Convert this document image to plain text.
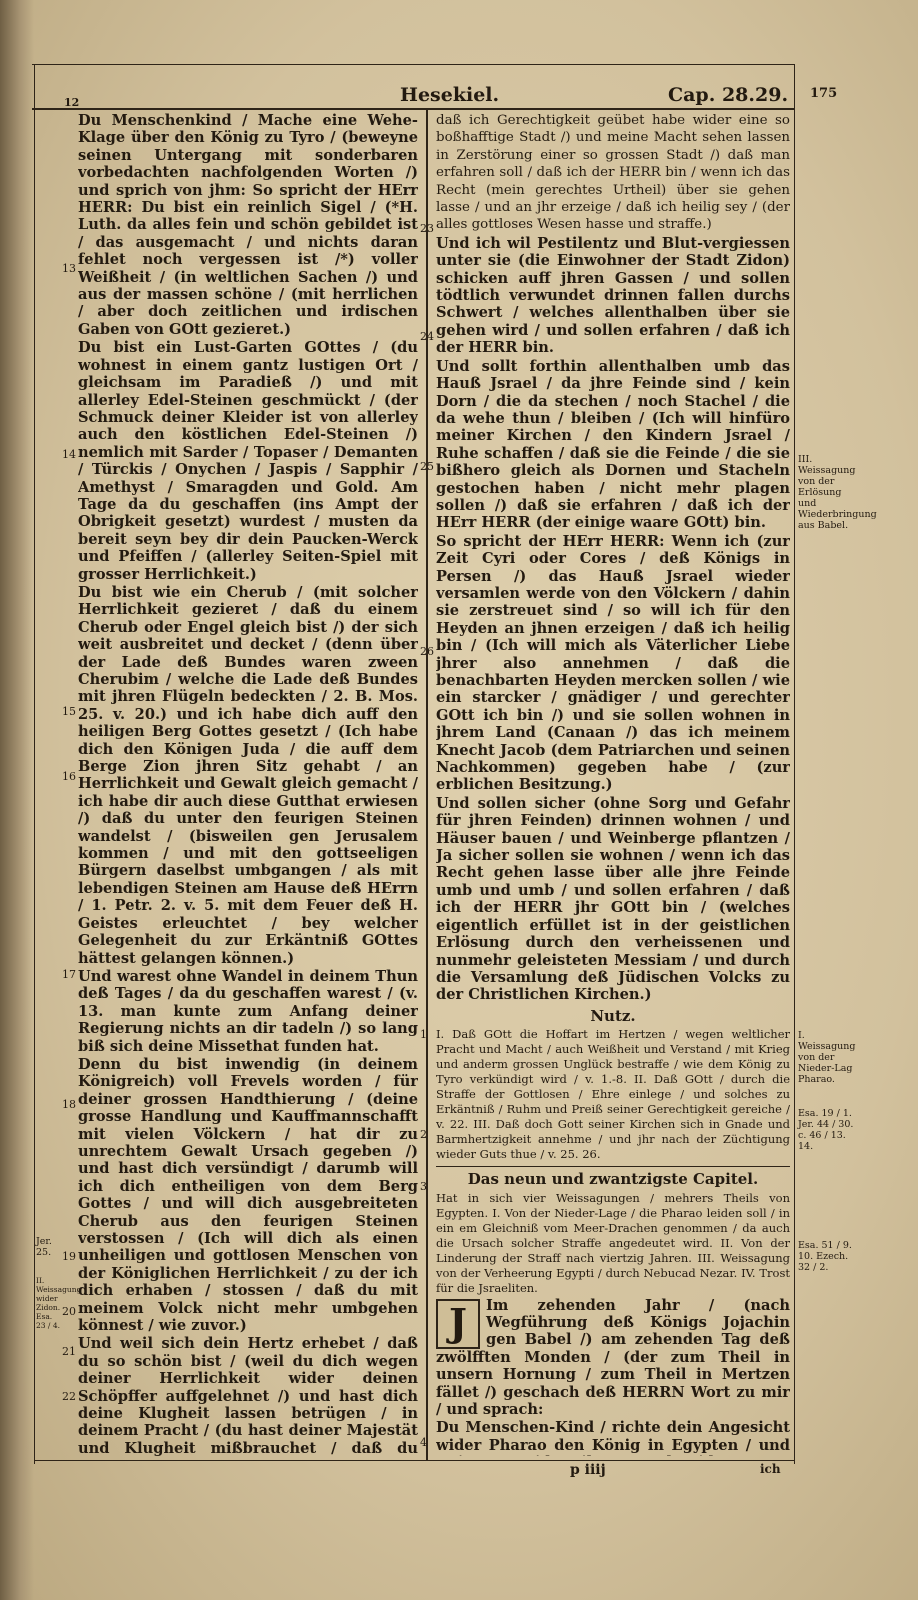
12	Hesekiel.	Cap. 28.29. 175

Du Menschenkind / Mache eine Wehe-Klage über den König zu Tyro / (beweyne seinen Untergang mit sonderbaren vorbedachten nachfolgenden Worten /) und sprich von jhm: So spricht der HErr HERR: Du bist ein reinlich Sigel / (*H. Luth. da alles fein und schön gebildet ist / das ausgemacht / und nichts daran fehlet noch vergessen ist /*) voller Weißheit / (in weltlichen Sachen /) und aus der massen schöne / (mit herrlichen / aber doch zeitlichen und irdischen Gaben von GOtt gezieret.)

Du bist ein Lust-Garten GOttes / (du wohnest in einem gantz lustigen Ort / gleichsam im Paradieß /) und mit allerley Edel-Steinen geschmückt / (der Schmuck deiner Kleider ist von allerley auch den köstlichen Edel-Steinen /) nemlich mit Sarder / Topaser / Demanten / Türckis / Onychen / Jaspis / Sapphir / Amethyst / Smaragden und Gold. Am Tage da du geschaffen (ins Ampt der Obrigkeit gesetzt) wurdest / musten da bereit seyn bey dir dein Paucken-Werck und Pfeiffen / (allerley Seiten-Spiel mit grosser Herrlichkeit.)

Du bist wie ein Cherub / (mit solcher Herrlichkeit gezieret / daß du einem Cherub oder Engel gleich bist /) der sich weit ausbreitet und decket / (denn über der Lade deß Bundes waren zween Cherubim / welche die Lade deß Bundes mit jhren Flügeln bedeckten / 2. B. Mos. 25. v. 20.) und ich habe dich auff den heiligen Berg Gottes gesetzt / (Ich habe dich den Königen Juda / die auff dem Berge Zion jhren Sitz gehabt / an Herrlichkeit und Gewalt gleich gemacht / ich habe dir auch diese Gutthat erwiesen /) daß du unter den feurigen Steinen wandelst / (bisweilen gen Jerusalem kommen / und mit den gottseeligen Bürgern daselbst umbgangen / als mit lebendigen Steinen am Hause deß HErrn / 1. Petr. 2. v. 5. mit dem Feuer deß H. Geistes erleuchtet / bey welcher Gelegenheit du zur Erkäntniß GOttes hättest gelangen können.)

Und warest ohne Wandel in deinem Thun deß Tages / da du geschaffen warest / (v. 13. man kunte zum Anfang deiner Regierung nichts an dir tadeln /) so lang biß sich deine Missethat funden hat.

Denn du bist inwendig (in deinem Königreich) voll Frevels worden / für deiner grossen Handthierung / (deine grosse Handlung und Kauffmannschafft mit vielen Völckern / hat dir zu unrechtem Gewalt Ursach gegeben /) und hast dich versündigt / darumb will ich dich entheiligen von dem Berg Gottes / und will dich ausgebreiteten Cherub aus den feurigen Steinen verstossen / (Ich will dich als einen unheiligen und gottlosen Menschen von der Königlichen Herrlichkeit / zu der ich dich erhaben / stossen / daß du mit meinem Volck nicht mehr umbgehen könnest / wie zuvor.)

Und weil sich dein Hertz erhebet / daß du so schön bist / (weil du dich wegen deiner Herrlichkeit wider deinen Schöpffer auffgelehnet /) und hast dich deine Klugheit lassen betrügen / in deinem Pracht / (du hast deiner Majestät und Klugheit mißbrauchet / daß du

13
14
15
16
17
18
19
20
21
22
Jer. 25.
II. Weissagung wider Zidon. Esa. 23 / 4.

daß ich Gerechtigkeit geübet habe wider eine so boßhafftige Stadt /) und meine Macht sehen lassen in Zerstörung einer so grossen Stadt /) daß man erfahren soll / daß ich der HERR bin / wenn ich das Recht (mein gerechtes Urtheil) über sie gehen lasse / und an jhr erzeige / daß ich heilig sey / (der alles gottloses Wesen hasse und straffe.)

Und ich wil Pestilentz und Blut-vergiessen unter sie (die Einwohner der Stadt Zidon) schicken auff jhren Gassen / und sollen tödtlich verwundet drinnen fallen durchs Schwert / welches allenthalben über sie gehen wird / und sollen erfahren / daß ich der HERR bin.

Und sollt forthin allenthalben umb das Hauß Jsrael / da jhre Feinde sind / kein Dorn / die da stechen / noch Stachel / die da wehe thun / bleiben / (Ich will hinfüro meiner Kirchen / den Kindern Jsrael / Ruhe schaffen / daß sie die Feinde / die sie bißhero gleich als Dornen und Stacheln gestochen haben / nicht mehr plagen sollen /) daß sie erfahren / daß ich der HErr HERR (der einige waare GOtt) bin.

So spricht der HErr HERR: Wenn ich (zur Zeit Cyri oder Cores / deß Königs in Persen /) das Hauß Jsrael wieder versamlen werde von den Völckern / dahin sie zerstreuet sind / so will ich für den Heyden an jhnen erzeigen / daß ich heilig bin / (Ich will mich als Väterlicher Liebe jhrer also annehmen / daß die benachbarten Heyden mercken sollen / wie ein starcker / gnädiger / und gerechter GOtt ich bin /) und sie sollen wohnen in jhrem Land (Canaan /) das ich meinem Knecht Jacob (dem Patriarchen und seinen Nachkommen) gegeben habe / (zur erblichen Besitzung.)

Und sollen sicher (ohne Sorg und Gefahr für jhren Feinden) drinnen wohnen / und Häuser bauen / und Weinberge pflantzen / Ja sicher sollen sie wohnen / wenn ich das Recht gehen lasse über alle jhre Feinde umb und umb / und sollen erfahren / daß ich der HERR jhr GOtt bin / (welches eigentlich erfüllet ist in der geistlichen Erlösung durch den verheissenen und nunmehr geleisteten Messiam / und durch die Versamlung deß Jüdischen Volcks zu der Christlichen Kirchen.)

Nutz.

I. Daß GOtt die Hoffart im Hertzen / wegen weltlicher Pracht und Macht / auch Weißheit und Verstand / mit Krieg und anderm grossen Unglück bestraffe / wie dem König zu Tyro verkündigt wird / v. 1.-8. II. Daß GOtt / durch die Straffe der Gottlosen / Ehre einlege / und solches zu Erkäntniß / Ruhm und Preiß seiner Gerechtigkeit gereiche / v. 22. III. Daß doch Gott seiner Kirchen sich in Gnade und Barmhertzigkeit annehme / und jhr nach der Züchtigung wieder Guts thue / v. 25. 26.

Das neun und zwantzigste Capitel.

Hat in sich vier Weissagungen / mehrers Theils von Egypten. I. Von der Nieder-Lage / die Pharao leiden soll / in ein em Gleichniß vom Meer-Drachen genommen / da auch die Ursach solcher Straffe angedeutet wird. II. Von der Linderung der Straff nach viertzig Jahren. III. Weissagung von der Verheerung Egypti / durch Nebucad Nezar. IV. Trost für die Jsraeliten.

J	Im zehenden Jahr / (nach Wegführung deß Königs Jojachin gen Babel /) am zehenden Tag deß zwölfften Monden / (der zum Theil in unsern Hornung / zum Theil in Mertzen fället /) geschach deß HERRN Wort zu mir / und sprach:

Du Menschen-Kind / richte dein Angesicht wider Pharao den König in Egypten / und

23
24
25
26
1
2
3
4
III. Weissagung von der Erlösung und Wiederbringung aus Babel.
I. Weissagung von der Nieder-Lag Pharao.
Esa. 19 / 1. Jer. 44 / 30. c. 46 / 13. 14.
Esa. 51 / 9. 10. Ezech. 32 / 2.
p iiij	ich
